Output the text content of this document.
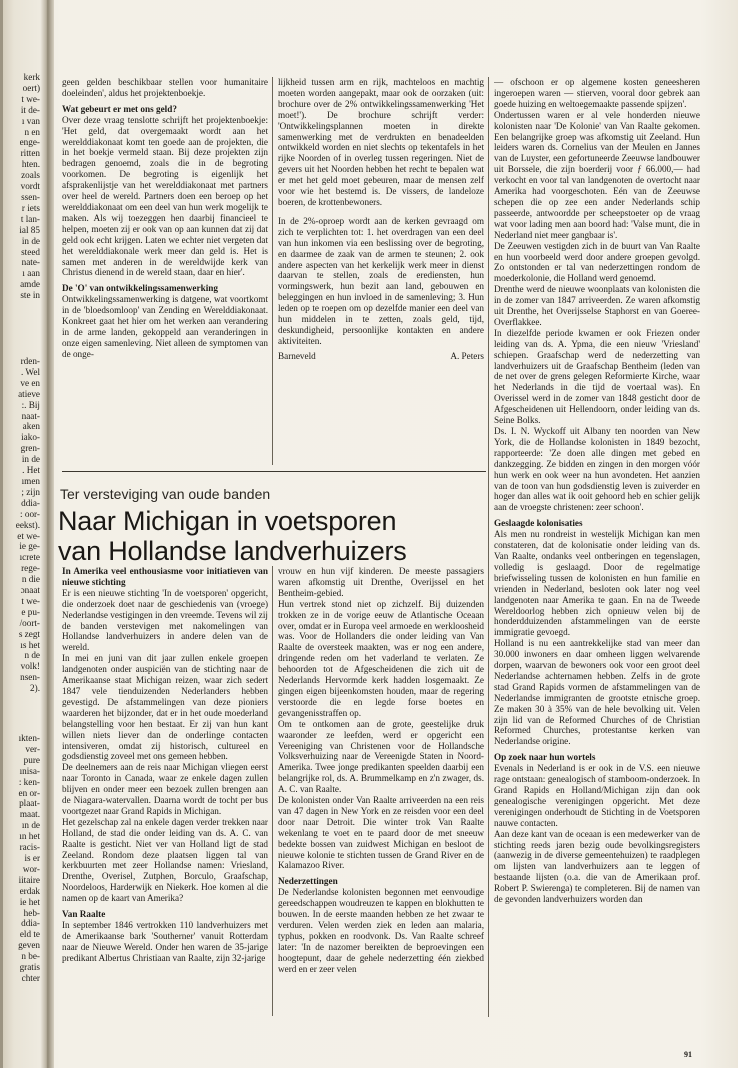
kerk
oert)
t we-
it de-
ı van
n en
enge-
ritten
hten.
zoals
vordt
ssen-
r iets
t lan-
ial 85
in de
steed
nate-
ı aan
amde
ste in
rden-
. Wel
ve en
atieve
:. Bij
naat-
aken
iako-
gren-
in de
. Het
ımen
; zijn
ddia-
: oor-
eekst).
et we-
ie ge-
ıcrete
rege-
n die
ɔnaat
t we-
e pu-
/oort-
s zegt
ıs het
n de
volk!
nsen-
2).
ıkten-
ver-
pure
ınisa-
: ken-
en or-
plaat-
maat.
ın de
ın het
racis-
is er
wor-
iitaire
erdak
ie het
heb-
ddia-
eld te
geven
n be-
gratis
chter

geen gelden beschikbaar stellen voor humanitaire doeleinden', aldus het projektenboekje.

Wat gebeurt er met ons geld?

Over deze vraag tenslotte schrijft het projektenboekje: 'Het geld, dat overgemaakt wordt aan het werelddiakonaat komt ten goede aan de projekten, die in het boekje vermeld staan. Bij deze projekten zijn bedragen genoemd, zoals die in de begroting voorkomen. De begroting is eigenlijk het afsprakenlijstje van het werelddiakonaat met partners over heel de wereld. Partners doen een beroep op het werelddiakonaat om een deel van hun werk mogelijk te maken. Als wij toezeggen hen daarbij financieel te helpen, moeten zij er ook van op aan kunnen dat zij dat geld ook echt krijgen. Laten we echter niet vergeten dat het werelddiakonale werk meer dan geld is. Het is samen met anderen in de wereldwijde kerk van Christus dienend in de wereld staan, daar en hier'.

De 'O' van ontwikkelingssamenwerking

Ontwikkelingssamenwerking is datgene, wat voortkomt in de 'bloedsomloop' van Zending en Werelddiakonaat. Konkreet gaat het hier om het werken aan verandering in de arme landen, gekoppeld aan veranderingen in onze eigen samenleving. Niet alleen de symptomen van de onge-

lijkheid tussen arm en rijk, machteloos en machtig moeten worden aangepakt, maar ook de oorzaken (uit: brochure over de 2% ontwikkelingssamenwerking 'Het moet!'). De brochure schrijft verder: 'Ontwikkelingsplannen moeten in direkte samenwerking met de verdrukten en benadeelden ontwikkeld worden en niet slechts op tekentafels in het rijke Noorden of in overleg tussen regeringen. Niet de gevers uit het Noorden hebben het recht te bepalen wat er met het geld moet gebeuren, maar de mensen zelf voor wie het bestemd is. De vissers, de landeloze boeren, de krottenbewoners.

In de 2%-oproep wordt aan de kerken gevraagd om zich te verplichten tot: 1. het overdragen van een deel van hun inkomen via een beslissing over de begroting, en daarmee de zaak van de armen te steunen; 2. ook andere aspecten van het kerkelijk werk meer in dienst daarvan te stellen, zoals de erediensten, hun vormingswerk, hun bezit aan land, gebouwen en beleggingen en hun invloed in de samenleving; 3. Hun leden op te roepen om op dezelfde manier een deel van hun middelen in te zetten, zoals geld, tijd, deskundigheid, persoonlijke kontakten en andere aktiviteiten.

Barneveld	A. Peters
Ter versteviging van oude banden
Naar Michigan in voetsporen
van Hollandse landverhuizers

In Amerika veel enthousiasme voor initiatieven van nieuwe stichting

Er is een nieuwe stichting 'In de voetsporen' opgericht, die onderzoek doet naar de geschiedenis van (vroege) Nederlandse vestigingen in den vreemde. Tevens wil zij de banden verstevigen met nakomelingen van Hollandse landverhuizers in andere delen van de wereld.

In mei en juni van dit jaar zullen enkele groepen landgenoten onder auspiciën van de stichting naar de Amerikaanse staat Michigan reizen, waar zich sedert 1847 vele tienduizenden Nederlanders hebben gevestigd. De afstammelingen van deze pioniers waarderen het bijzonder, dat er in het oude moederland belangstelling voor hen bestaat. Er zij van hun kant willen niets liever dan de onderlinge contacten intensiveren, omdat zij historisch, cultureel en godsdienstig zoveel met ons gemeen hebben.

De deelnemers aan de reis naar Michigan vliegen eerst naar Toronto in Canada, waar ze enkele dagen zullen blijven en onder meer een bezoek zullen brengen aan de Niagara-watervallen. Daarna wordt de tocht per bus voortgezet naar Grand Rapids in Michigan.

Het gezelschap zal na enkele dagen verder trekken naar Holland, de stad die onder leiding van ds. A. C. van Raalte is gesticht. Niet ver van Holland ligt de stad Zeeland. Rondom deze plaatsen liggen tal van kerkbuurten met zeer Hollandse namen: Vriesland, Drenthe, Overisel, Zutphen, Borculo, Graafschap, Noordeloos, Harderwijk en Niekerk. Hoe komen al die namen op de kaart van Amerika?

Van Raalte

In september 1846 vertrokken 110 landverhuizers met de Amerikaanse bark 'Southerner' vanuit Rotterdam naar de Nieuwe Wereld. Onder hen waren de 35-jarige predikant Albertus Christiaan van Raalte, zijn 32-jarige

vrouw en hun vijf kinderen. De meeste passagiers waren afkomstig uit Drenthe, Overijssel en het Bentheim-gebied.

Hun vertrek stond niet op zichzelf. Bij duizenden trokken ze in de vorige eeuw de Atlantische Oceaan over, omdat er in Europa veel armoede en werkloosheid was. Voor de Hollanders die onder leiding van Van Raalte de oversteek maakten, was er nog een andere, dringende reden om het vaderland te verlaten. Ze behoorden tot de Afgescheidenen die zich uit de Nederlands Hervormde kerk hadden losgemaakt. Ze gingen eigen bijeenkomsten houden, maar de regering verstoorde die en legde forse boetes en gevangenisstraffen op.

Om te ontkomen aan de grote, geestelijke druk waaronder ze leefden, werd er opgericht een Vereeniging van Christenen voor de Hollandsche Volksverhuizing naar de Vereenigde Staten in Noord-Amerika. Twee jonge predikanten speelden daarbij een belangrijke rol, ds. A. Brummelkamp en z'n zwager, ds. A. C. van Raalte.

De kolonisten onder Van Raalte arriveerden na een reis van 47 dagen in New York en ze reisden voor een deel door naar Detroit. Die winter trok Van Raalte wekenlang te voet en te paard door de met sneeuw bedekte bossen van zuidwest Michigan en besloot de nieuwe kolonie te stichten tussen de Grand River en de Kalamazoo River.

Nederzettingen

De Nederlandse kolonisten begonnen met eenvoudige gereedschappen woudreuzen te kappen en blokhutten te bouwen. In de eerste maanden hebben ze het zwaar te verduren. Velen werden ziek en leden aan malaria, typhus, pokken en roodvonk. Ds. Van Raalte schreef later: 'In de nazomer bereikten de beproevingen een hoogtepunt, daar de gehele nederzetting één ziekbed werd en er zeer velen

— ofschoon er op algemene kosten geneesheren ingeroepen waren — stierven, vooral door gebrek aan goede huizing en weltoegemaakte passende spijzen'.

Ondertussen waren er al vele honderden nieuwe kolonisten naar 'De Kolonie' van Van Raalte gekomen. Een belangrijke groep was afkomstig uit Zeeland. Hun leiders waren ds. Cornelius van der Meulen en Jannes van de Luyster, een gefortuneerde Zeeuwse landbouwer uit Borssele, die zijn boerderij voor ƒ 66.000,— had verkocht en voor tal van landgenoten de overtocht naar Amerika had voorgeschoten. Eén van de Zeeuwse schepen die op zee een ander Nederlands schip passeerde, antwoordde per scheepstoeter op de vraag wat voor lading men aan boord had: 'Valse munt, die in Nederland niet meer gangbaar is'.

De Zeeuwen vestigden zich in de buurt van Van Raalte en hun voorbeeld werd door andere groepen gevolgd. Zo ontstonden er tal van nederzettingen rondom de moederkolonie, die Holland werd genoemd.

Drenthe werd de nieuwe woonplaats van kolonisten die in de zomer van 1847 arriveerden. Ze waren afkomstig uit Drenthe, het Overijsselse Staphorst en van Goeree-Overflakkee.

In diezelfde periode kwamen er ook Friezen onder leiding van ds. A. Ypma, die een nieuw 'Vriesland' schiepen. Graafschap werd de nederzetting van landverhuizers uit de Graafschap Bentheim (leden van de net over de grens gelegen Reformierte Kirche, waar het Nederlands in die tijd de voertaal was). En Overissel werd in de zomer van 1848 gesticht door de Afgescheidenen uit Hellendoorn, onder leiding van ds. Seine Bolks.

Ds. I. N. Wyckoff uit Albany ten noorden van New York, die de Hollandse kolonisten in 1849 bezocht, rapporteerde: 'Ze doen alle dingen met gebed en dankzegging. Ze bidden en zingen in den morgen vóór hun werk en ook weer na hun avondeten. Het aanzien van de toon van hun godsdienstig leven is zuiverder en hoger dan alles wat ik ooit gehoord heb en schier gelijk aan de vroegste christenen: zeer schoon'.

Geslaagde kolonisaties

Als men nu rondreist in westelijk Michigan kan men constateren, dat de kolonisatie onder leiding van ds. Van Raalte, ondanks veel ontberingen en tegenslagen, volledig is geslaagd. Door de regelmatige briefwisseling tussen de kolonisten en hun familie en vrienden in Nederland, besloten ook later nog veel landgenoten naar Amerika te gaan. En na de Tweede Wereldoorlog hebben zich opnieuw velen bij de honderdduizenden afstammelingen van de eerste immigratie gevoegd.

Holland is nu een aantrekkelijke stad van meer dan 30.000 inwoners en daar omheen liggen welvarende dorpen, waarvan de bewoners ook voor een groot deel Nederlandse achternamen hebben. Zelfs in de grote stad Grand Rapids vormen de afstammelingen van de Nederlandse immigranten de grootste etnische groep. Ze maken 30 à 35% van de hele bevolking uit. Velen zijn lid van de Reformed Churches of de Christian Reformed Churches, protestantse kerken van Nederlandse origine.

Op zoek naar hun wortels

Evenals in Nederland is er ook in de V.S. een nieuwe rage ontstaan: genealogisch of stamboom-onderzoek. In Grand Rapids en Holland/Michigan zijn dan ook genealogische verenigingen opgericht. Met deze verenigingen onderhoudt de Stichting in de Voetsporen nauwe contacten.

Aan deze kant van de oceaan is een medewerker van de stichting reeds jaren bezig oude bevolkingsregisters (aanwezig in de diverse gemeentehuizen) te raadplegen om lijsten van landverhuizers aan te leggen of bestaande lijsten (o.a. die van de Amerikaan prof. Robert P. Swierenga) te completeren. Bij de namen van de gevonden landverhuizers worden dan

91
